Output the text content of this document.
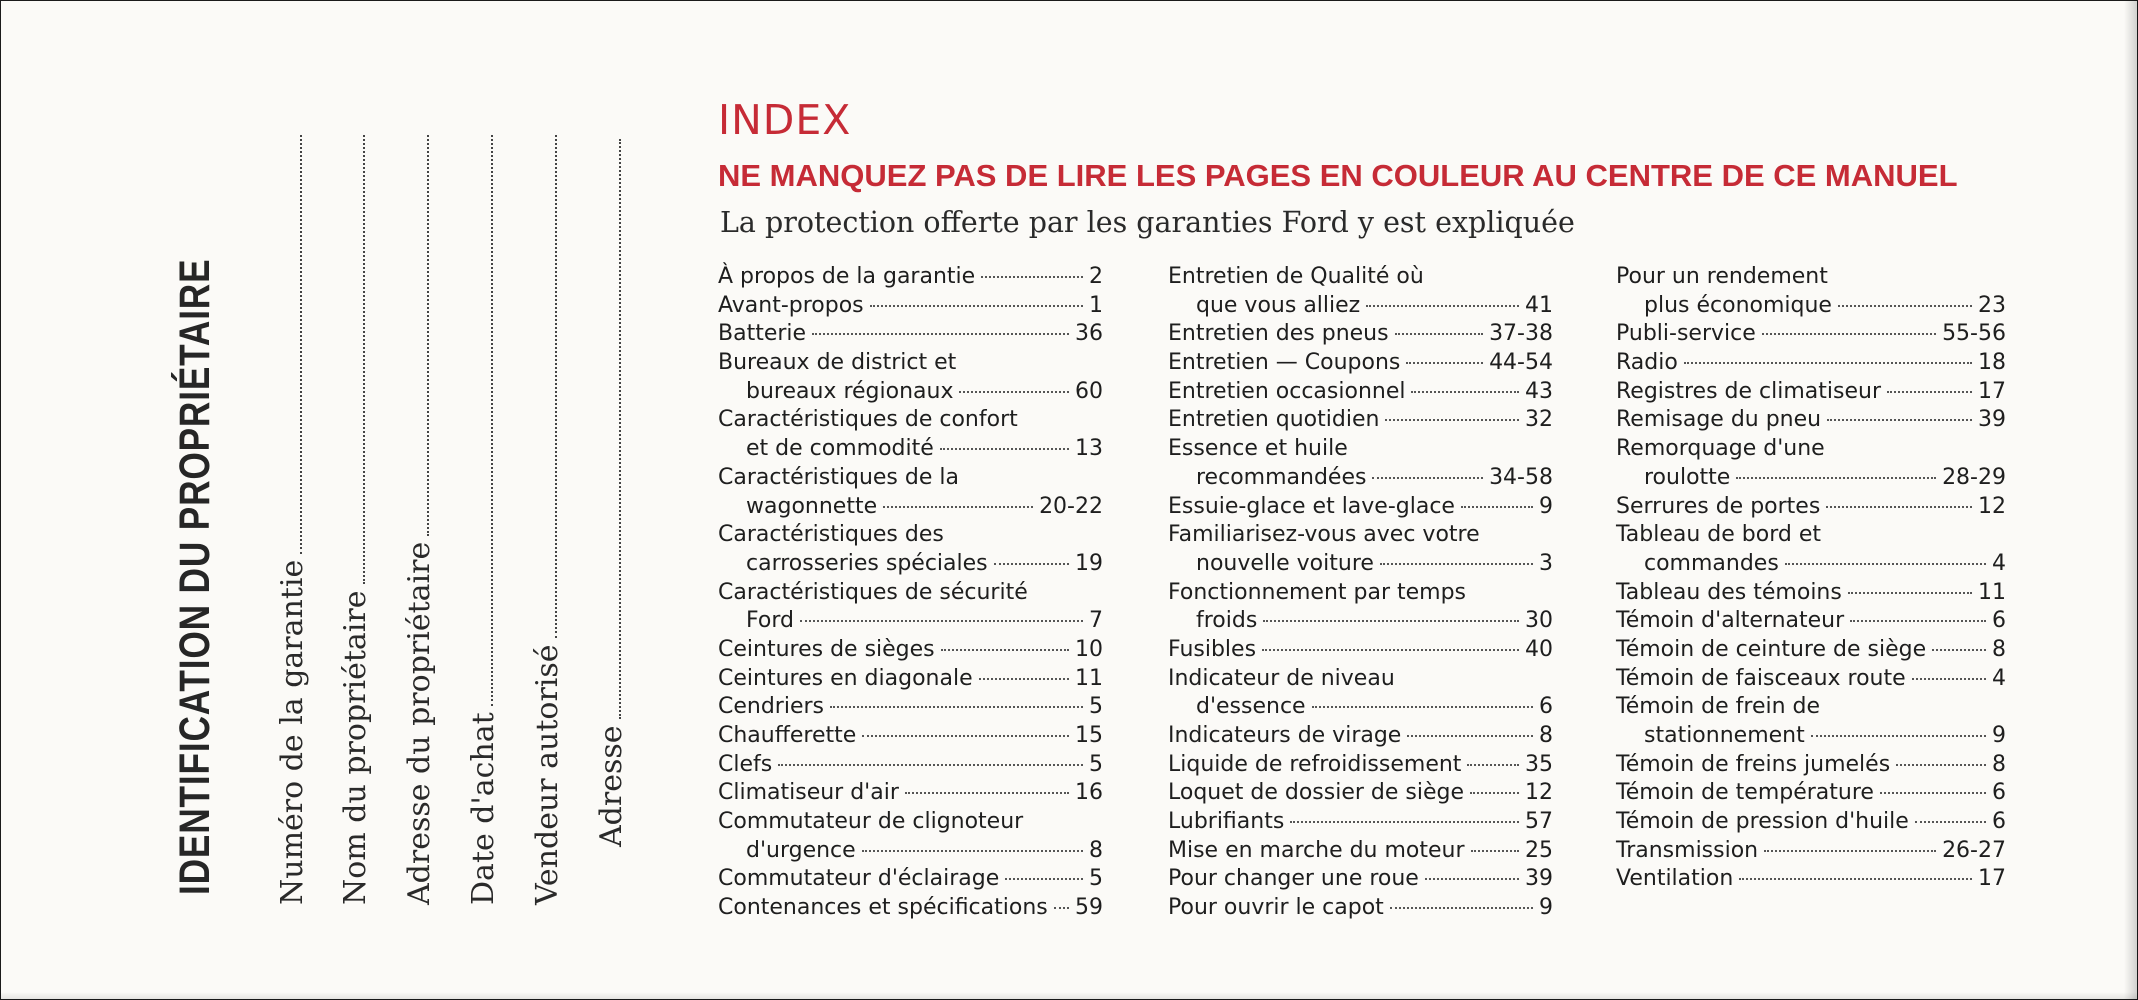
IDENTIFICATION DU PROPRIÉTAIRE Numéro de la garantie Nom du propriétaire Adresse du propriétaire Date d'achat Vendeur autorisé Adresse
INDEX
NE MANQUEZ PAS DE LIRE LES PAGES EN COULEUR AU CENTRE DE CE MANUEL
La protection offerte par les garanties Ford y est expliquée
À propos de la garantie	2
Avant-propos	1
Batterie	36
Bureaux de district et
bureaux régionaux	60
Caractéristiques de confort
et de commodité	13
Caractéristiques de la
wagonnette	20-22
Caractéristiques des
carrosseries spéciales	19
Caractéristiques de sécurité
Ford	7
Ceintures de sièges	10
Ceintures en diagonale	11
Cendriers	5
Chaufferette	15
Clefs	5
Climatiseur d'air	16
Commutateur de clignoteur
d'urgence	8
Commutateur d'éclairage	5
Contenances et spécifications 59
Entretien de Qualité où
que vous alliez	41
Entretien des pneus	37-38
Entretien — Coupons	44-54
Entretien occasionnel	43
Entretien quotidien	32
Essence et huile
recommandées	34-58
Essuie-glace et lave-glace	9
Familiarisez-vous avec votre
nouvelle voiture	3
Fonctionnement par temps
froids	30
Fusibles	40
Indicateur de niveau
d'essence	6
Indicateurs de virage	8
Liquide de refroidissement	35
Loquet de dossier de siège	12
Lubrifiants	57
Mise en marche du moteur	25
Pour changer une roue	39
Pour ouvrir le capot	9
Pour un rendement
plus économique	23
Publi-service	55-56
Radio	18
Registres de climatiseur	17
Remisage du pneu	39
Remorquage d'une
roulotte	28-29
Serrures de portes	12
Tableau de bord et
commandes	4
Tableau des témoins	11
Témoin d'alternateur	6
Témoin de ceinture de siège	8
Témoin de faisceaux route	4
Témoin de frein de
stationnement	9
Témoin de freins jumelés	8
Témoin de température	6
Témoin de pression d'huile	6
Transmission	26-27
Ventilation	17
